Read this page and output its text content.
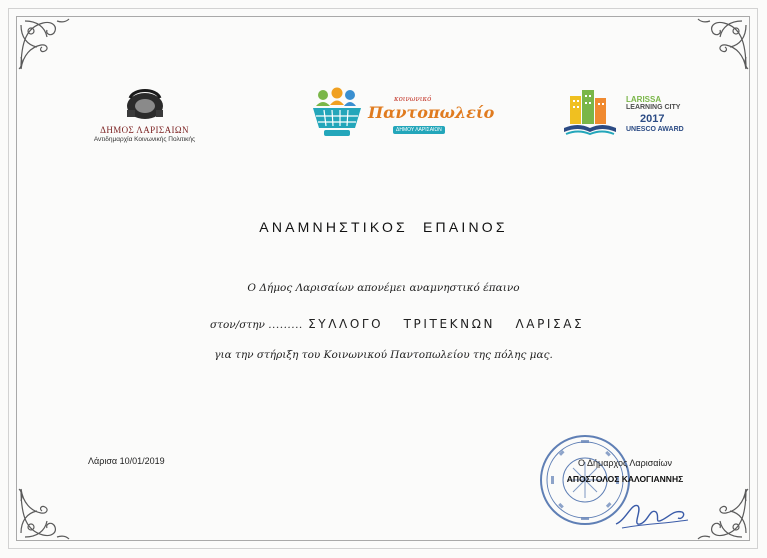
ΔΗΜΟΣ ΛΑΡΙΣΑΙΩΝ
Αντιδημαρχία Κοινωνικής Πολιτικής
κοινωνικό
Παντοπωλείο
ΔΗΜΟΥ ΛΑΡΙΣΑΙΩΝ
LARISSA
LEARNING CITY
2017
UNESCO AWARD
ΑΝΑΜΝΗΣΤΙΚΟΣ ΕΠΑΙΝΟΣ
Ο Δήμος Λαρισαίων απονέμει αναμνηστικό έπαινο
στον/στην ......... ΣΥΛΛΟΓΟ ΤΡΙΤΕΚΝΩΝ ΛΑΡΙΣΑΣ
για την στήριξη του Κοινωνικού Παντοπωλείου της πόλης μας.
Λάρισα 10/01/2019	Ο Δήμαρχος Λαρισαίων
ΑΠΟΣΤΟΛΟΣ ΚΑΛΟΓΙΑΝΝΗΣ
